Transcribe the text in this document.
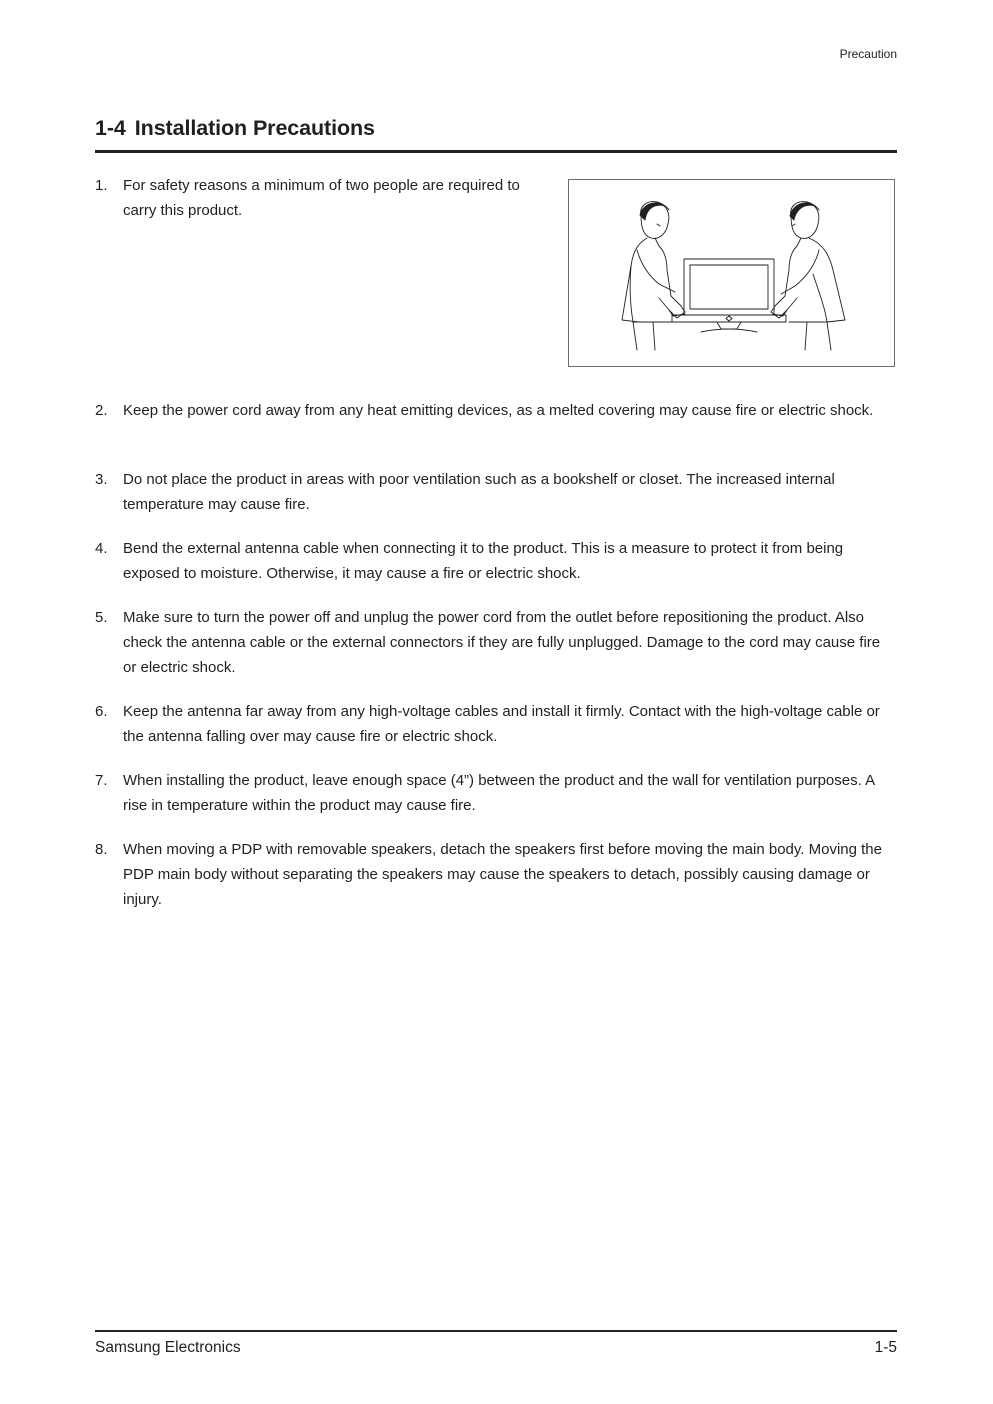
Precaution
1-4 Installation Precautions
1.	For safety reasons a minimum of two people are required to carry this product.
2.	Keep the power cord away from any heat emitting devices, as a melted covering may cause fire or electric shock.
3.	Do not place the product in areas with poor ventilation such as a bookshelf or closet. The increased internal temperature may cause fire.
4.	Bend the external antenna cable when connecting it to the product. This is a measure to protect it from being exposed to moisture. Otherwise, it may cause a fire or electric shock.
5.	Make sure to turn the power off and unplug the power cord from the outlet before repositioning the product. Also check the antenna cable or the external connectors if they are fully unplugged. Damage to the cord may cause fire or electric shock.
6.	Keep the antenna far away from any high-voltage cables and install it firmly. Contact with the high-voltage cable or the antenna falling over may cause fire or electric shock.
7.	When installing the product, leave enough space (4”) between the product and the wall for ventilation purposes. A rise in temperature within the product may cause fire.
8.	When moving a PDP with removable speakers, detach the speakers first before moving the main body. Moving the PDP main body without separating the speakers may cause the speakers to detach, possibly causing damage or injury.
Samsung Electronics	1-5
